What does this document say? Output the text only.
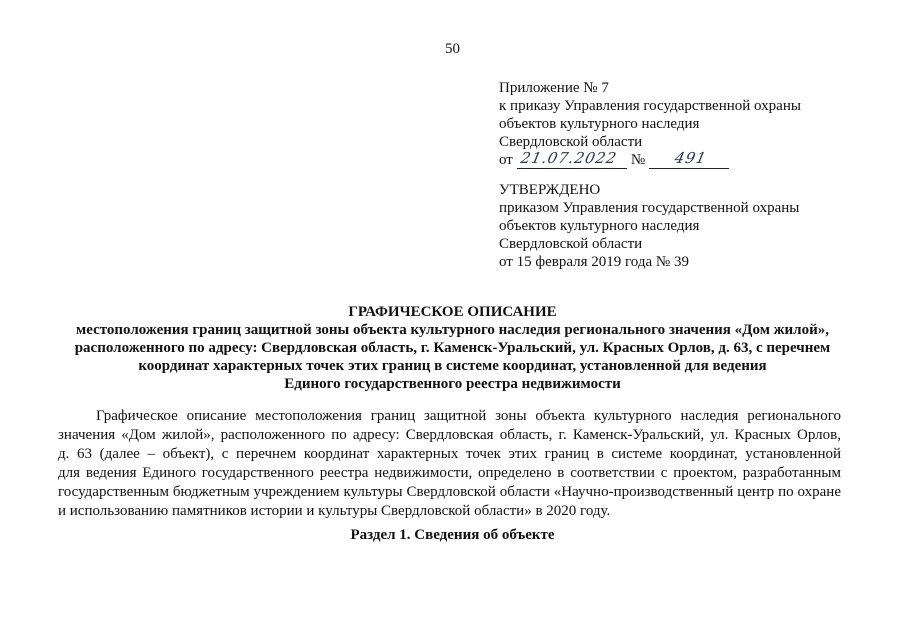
50
Приложение № 7
к приказу Управления государственной охраны
объектов культурного наследия
Свердловской области
от 21.07.2022 № 491
УТВЕРЖДЕНО
приказом Управления государственной охраны
объектов культурного наследия
Свердловской области
от 15 февраля 2019 года № 39
ГРАФИЧЕСКОЕ ОПИСАНИЕ
местоположения границ защитной зоны объекта культурного наследия регионального значения «Дом жилой»,
расположенного по адресу: Свердловская область, г. Каменск-Уральский, ул. Красных Орлов, д. 63, с перечнем
координат характерных точек этих границ в системе координат, установленной для ведения
Единого государственного реестра недвижимости
Графическое описание местоположения границ защитной зоны объекта культурного наследия регионального
значения «Дом жилой», расположенного по адресу: Свердловская область, г. Каменск-Уральский, ул. Красных Орлов,
д. 63 (далее – объект), с перечнем координат характерных точек этих границ в системе координат, установленной
для ведения Единого государственного реестра недвижимости, определено в соответствии с проектом, разработанным
государственным бюджетным учреждением культуры Свердловской области «Научно-производственный центр по охране
и использованию памятников истории и культуры Свердловской области» в 2020 году.
Раздел 1. Сведения об объекте
